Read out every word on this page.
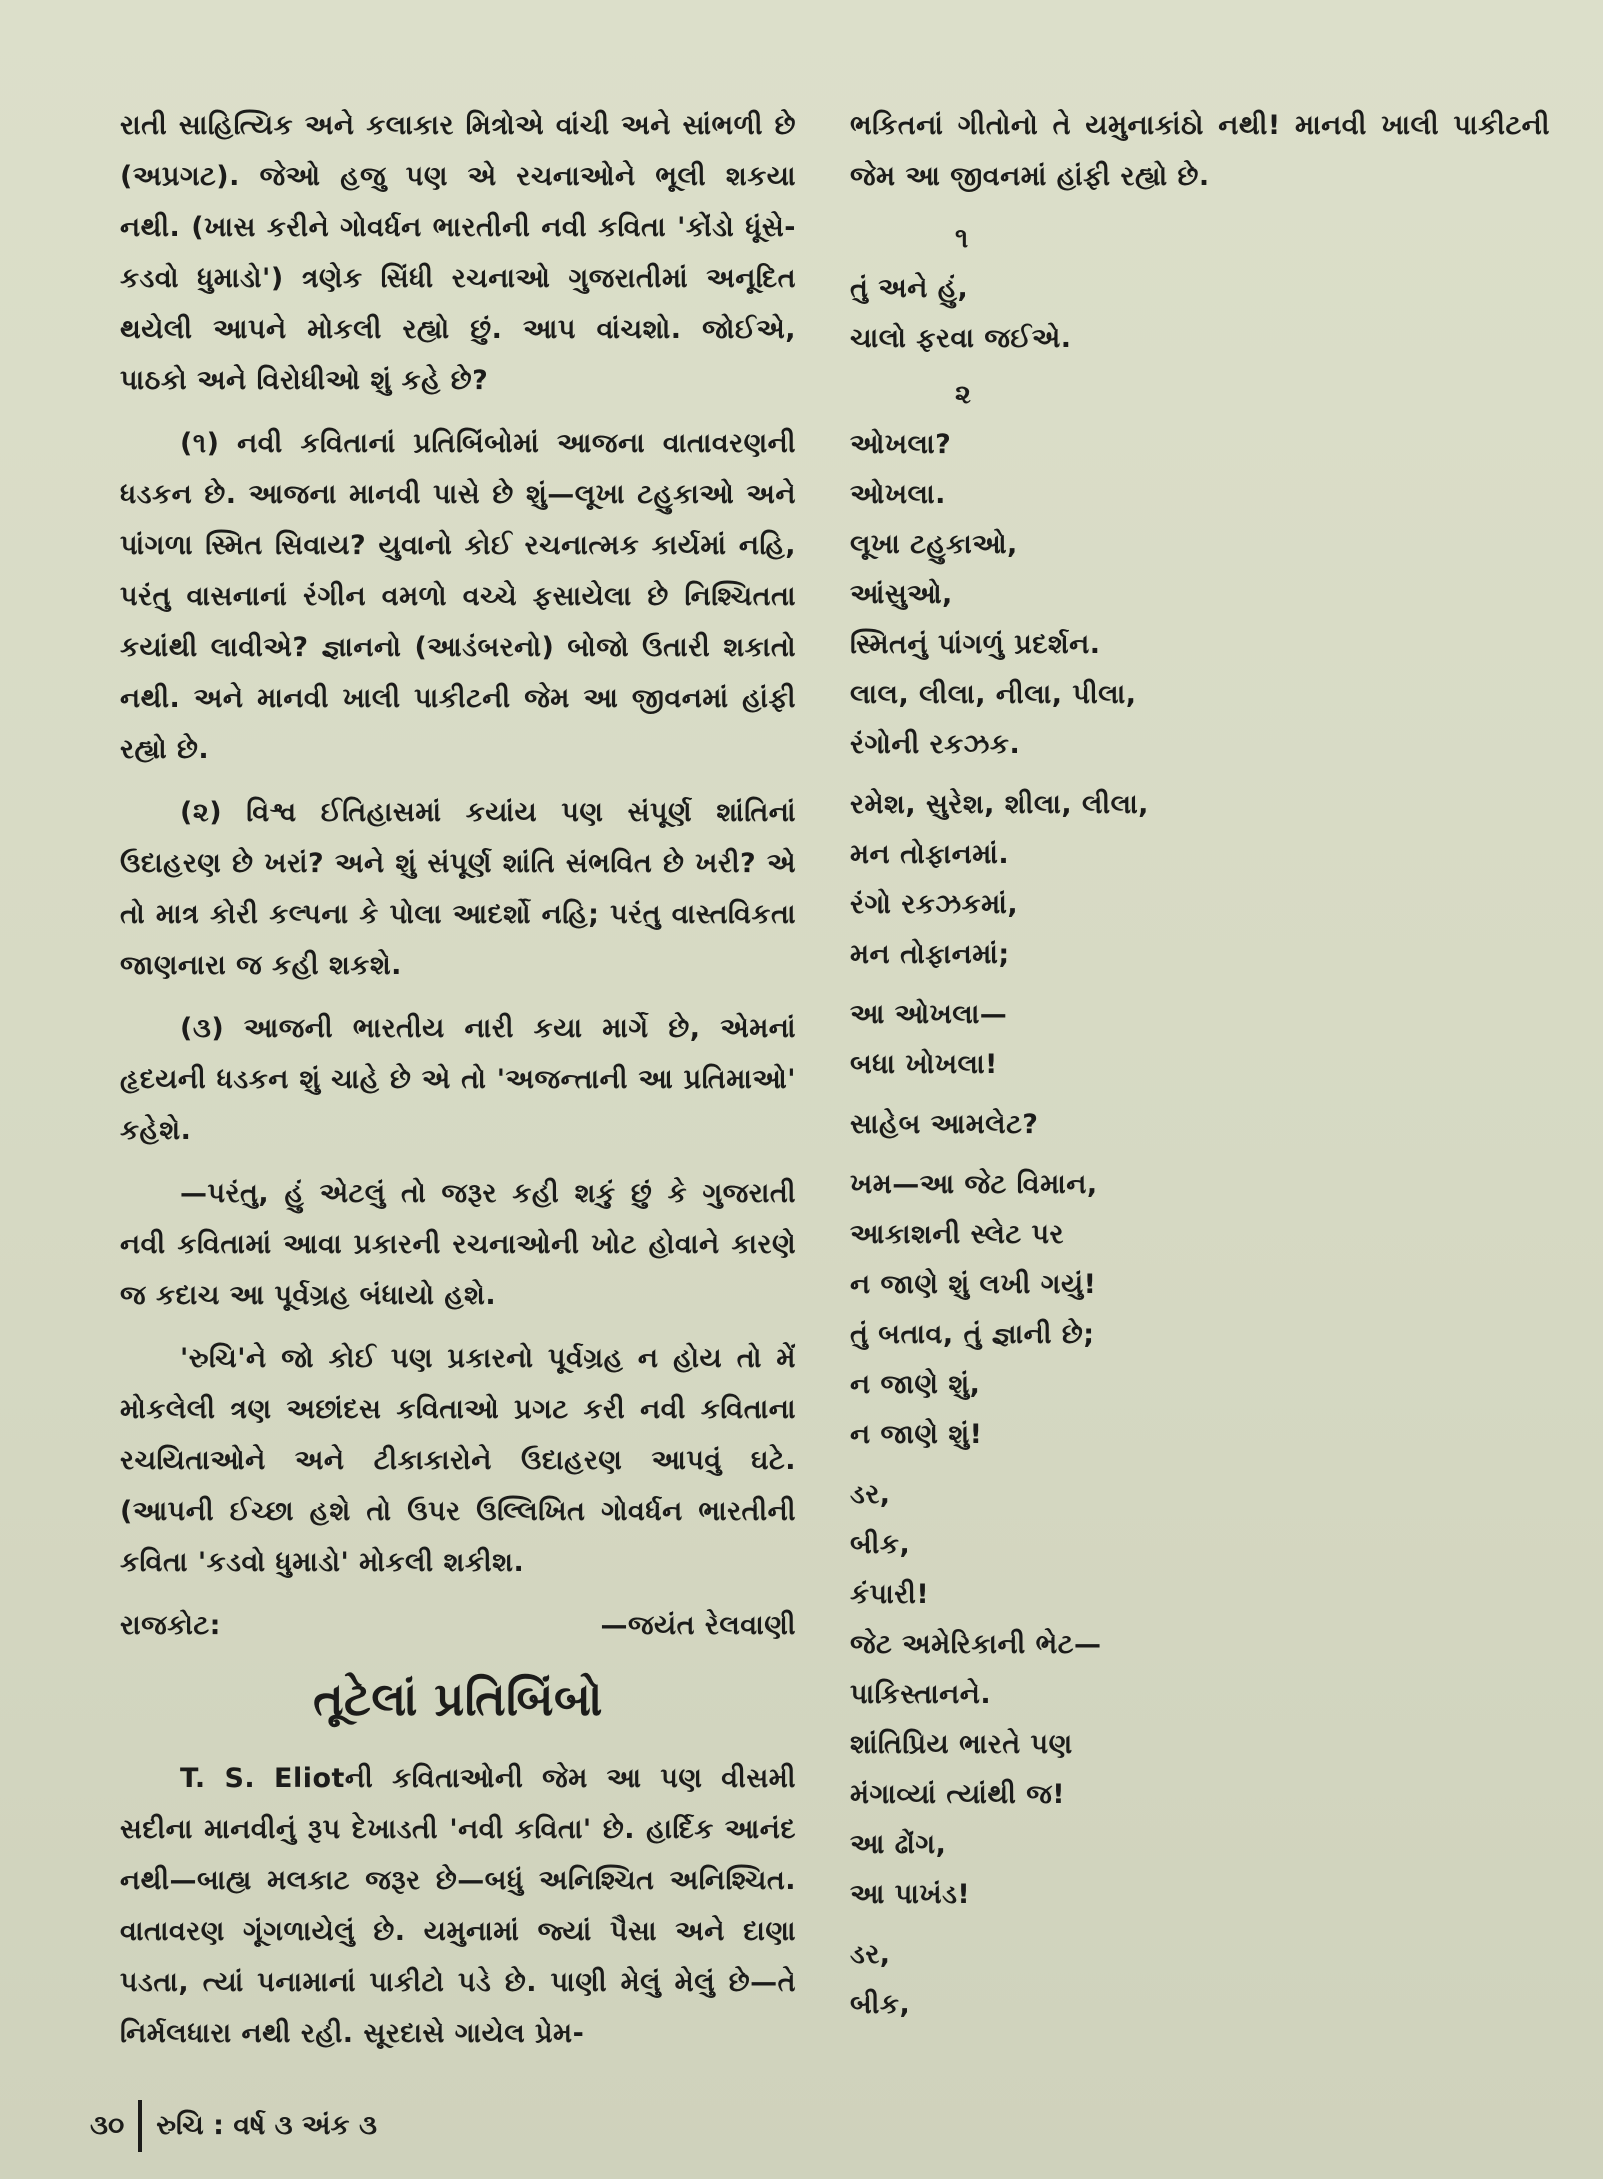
રાતી સાહિત્યિક અને કલાકાર મિત્રોએ વાંચી અને સાંભળી છે (અપ્રગટ). જેઓ હજુ પણ એ રચનાઓને ભૂલી શકયા નથી. (ખાસ કરીને ગોવર્ધન ભારતીની નવી કવિતા 'કોંડો ધૂંસે-કડવો ધુમાડો') ત્રણેક સિંધી રચનાઓ ગુજરાતીમાં અનૂદિત થયેલી આપને મોકલી રહ્યો છું. આપ વાંચશો. જોઈએ, પાઠકો અને વિરોધીઓ શું કહે છે?

(૧) નવી કવિતાનાં પ્રતિબિંબોમાં આજના વાતાવરણની ધડકન છે. આજના માનવી પાસે છે શું—લૂખા ટહુકાઓ અને પાંગળા સ્મિત સિવાય? યુવાનો કોઈ રચનાત્મક કાર્યમાં નહિ, પરંતુ વાસનાનાં રંગીન વમળો વચ્ચે ફસાયેલા છે નિશ્ચિતતા કયાંથી લાવીએ? જ્ઞાનનો (આડંબરનો) બોજો ઉતારી શકાતો નથી. અને માનવી ખાલી પાકીટની જેમ આ જીવનમાં હાંફી રહ્યો છે.

(૨) વિશ્વ ઈતિહાસમાં કયાંય પણ સંપૂર્ણ શાંતિનાં ઉદાહરણ છે ખરાં? અને શું સંપૂર્ણ શાંતિ સંભવિત છે ખરી? એ તો માત્ર કોરી કલ્પના કે પોલા આદર્શો નહિ; પરંતુ વાસ્તવિકતા જાણનારા જ કહી શકશે.

(૩) આજની ભારતીય નારી કયા માર્ગે છે, એમનાં હૃદયની ધડકન શું ચાહે છે એ તો 'અજન્તાની આ પ્રતિમાઓ' કહેશે.

—પરંતુ, હું એટલું તો જરૂર કહી શકું છું કે ગુજરાતી નવી કવિતામાં આવા પ્રકારની રચનાઓની ખોટ હોવાને કારણે જ કદાચ આ પૂર્વગ્રહ બંધાયો હશે.

'રુચિ'ને જો કોઈ પણ પ્રકારનો પૂર્વગ્રહ ન હોય તો મેં મોકલેલી ત્રણ અછાંદસ કવિતાઓ પ્રગટ કરી નવી કવિતાના રચયિતાઓને અને ટીકાકારોને ઉદાહરણ આપવું ઘટે. (આપની ઈચ્છા હશે તો ઉપર ઉલ્લિખિત ગોવર્ધન ભારતીની કવિતા 'કડવો ધુમાડો' મોકલી શકીશ.

રાજકોટ:	—જયંત રેલવાણી
તૂટેલાં પ્રતિબિંબો

T. S. Eliotની કવિતાઓની જેમ આ પણ વીસમી સદીના માનવીનું રૂપ દેખાડતી 'નવી કવિતા' છે. હાર્દિક આનંદ નથી—બાહ્ય મલકાટ જરૂર છે—બધું અનિશ્ચિત અનિશ્ચિત. વાતાવરણ ગૂંગળાયેલું છે. યમુનામાં જ્યાં પૈસા અને દાણા પડતા, ત્યાં પનામાનાં પાકીટો પડે છે. પાણી મેલું મેલું છે—તે નિર્મલધારા નથી રહી. સૂરદાસે ગાયેલ પ્રેમ-

ભકિતનાં ગીતોનો તે યમુનાકાંઠો નથી! માનવી ખાલી પાકીટની જેમ આ જીવનમાં હાંફી રહ્યો છે.

૧
તું અને હું,
ચાલો ફરવા જઈએ.
૨
ઓખલા?
ઓખલા.
લૂખા ટહુકાઓ,
આંસુઓ,
સ્મિતનું પાંગળું પ્રદર્શન.
લાલ, લીલા, નીલા, પીલા,
રંગોની રકઝક.
રમેશ, સુરેશ, શીલા, લીલા,
મન તોફાનમાં.
રંગો રકઝકમાં,
મન તોફાનમાં;
આ ઓખલા—
બધા ખોખલા!
સાહેબ આમલેટ?
ખમ—આ જેટ વિમાન,
આકાશની સ્લેટ પર
ન જાણે શું લખી ગયું!
તું બતાવ, તું જ્ઞાની છે;
ન જાણે શું,
ન જાણે શું!
ડર,
બીક,
કંપારી!
જેટ અમેરિકાની ભેટ—
પાકિસ્તાનને.
શાંતિપ્રિય ભારતે પણ
મંગાવ્યાં ત્યાંથી જ!
આ ઢોંગ,
આ પાખંડ!
ડર,
બીક,
૩૦ રુચિ : વર્ષ ૩ અંક ૩
